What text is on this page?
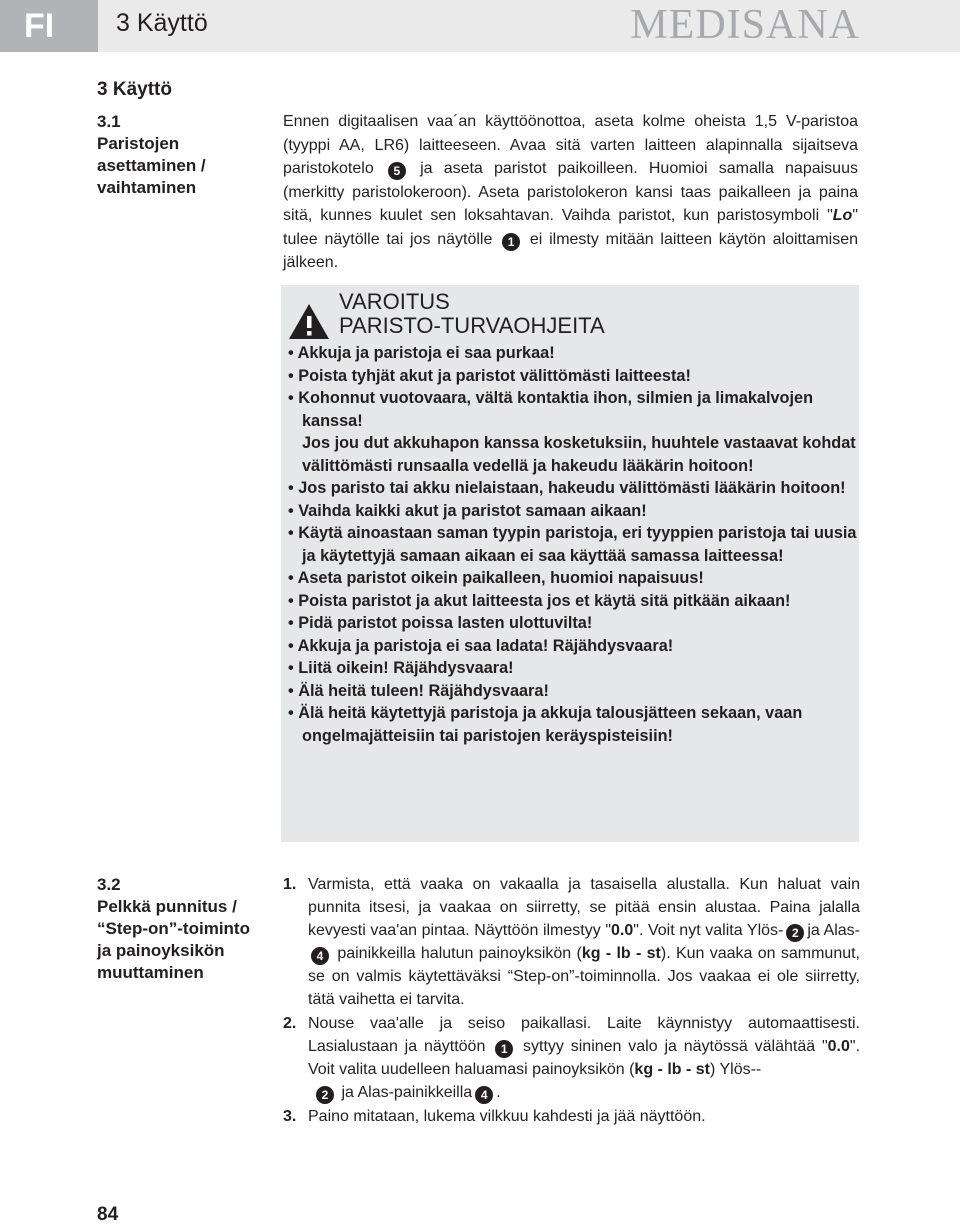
FI	3 Käyttö	MEDISANA
3 Käyttö
3.1
Paristojen
asettaminen /
vaihtaminen
Ennen digitaalisen vaa´an käyttöönottoa, aseta kolme oheista 1,5 V-paristoa (tyyppi AA, LR6) laitteeseen. Avaa sitä varten laitteen alapinnalla sijaitseva paristokotelo 5 ja aseta paristot paikoilleen. Huomioi samalla napaisuus (merkitty paristolokeroon). Aseta paristolokeron kansi taas paikalleen ja paina sitä, kunnes kuulet sen loksahtavan. Vaihda paristot, kun paristosymboli "Lo" tulee näytölle tai jos näytölle 1 ei ilmesty mitään laitteen käytön aloittamisen jälkeen.
VAROITUS
PARISTO-TURVAOHJEITA
• Akkuja ja paristoja ei saa purkaa!
• Poista tyhjät akut ja paristot välittömästi laitteesta!
• Kohonnut vuotovaara, vältä kontaktia ihon, silmien ja limakalvojen kanssa!
Jos jou dut akkuhapon kanssa kosketuksiin, huuhtele vastaavat kohdat välittömästi runsaalla vedellä ja hakeudu lääkärin hoitoon!
• Jos paristo tai akku nielaistaan, hakeudu välittömästi lääkärin hoitoon!
• Vaihda kaikki akut ja paristot samaan aikaan!
• Käytä ainoastaan saman tyypin paristoja, eri tyyppien paristoja tai uusia ja käytettyjä samaan aikaan ei saa käyttää samassa laitteessa!
• Aseta paristot oikein paikalleen, huomioi napaisuus!
• Poista paristot ja akut laitteesta jos et käytä sitä pitkään aikaan!
• Pidä paristot poissa lasten ulottuvilta!
• Akkuja ja paristoja ei saa ladata! Räjähdysvaara!
• Liitä oikein! Räjähdysvaara!
• Älä heitä tuleen! Räjähdysvaara!
• Älä heitä käytettyjä paristoja ja akkuja talousjätteen sekaan, vaan ongelmajätteisiin tai paristojen keräyspisteisiin!
3.2
Pelkkä punnitus /
“Step-on”-toiminto
ja painoyksikön
muuttaminen
1. Varmista, että vaaka on vakaalla ja tasaisella alustalla. Kun haluat vain punnita itsesi, ja vaakaa on siirretty, se pitää ensin alustaa. Paina jalalla kevyesti vaa'an pintaa. Näyttöön ilmestyy "0.0". Voit nyt valita Ylös- 2 ja Alas- 4 painikkeilla halutun painoyksikön (kg - lb - st). Kun vaaka on sammunut, se on valmis käytettäväksi “Step-on”-toiminnolla. Jos vaakaa ei ole siirretty, tätä vaihetta ei tarvita.
2. Nouse vaa'alle ja seiso paikallasi. Laite käynnistyy automaattisesti. Lasialustaan ja näyttöön 1 syttyy sininen valo ja näytössä välähtää "0.0". Voit valita uudelleen haluamasi painoyksikön (kg - lb - st) Ylös--
2 ja Alas-painikkeilla 4 .
3. Paino mitataan, lukema vilkkuu kahdesti ja jää näyttöön.
84
